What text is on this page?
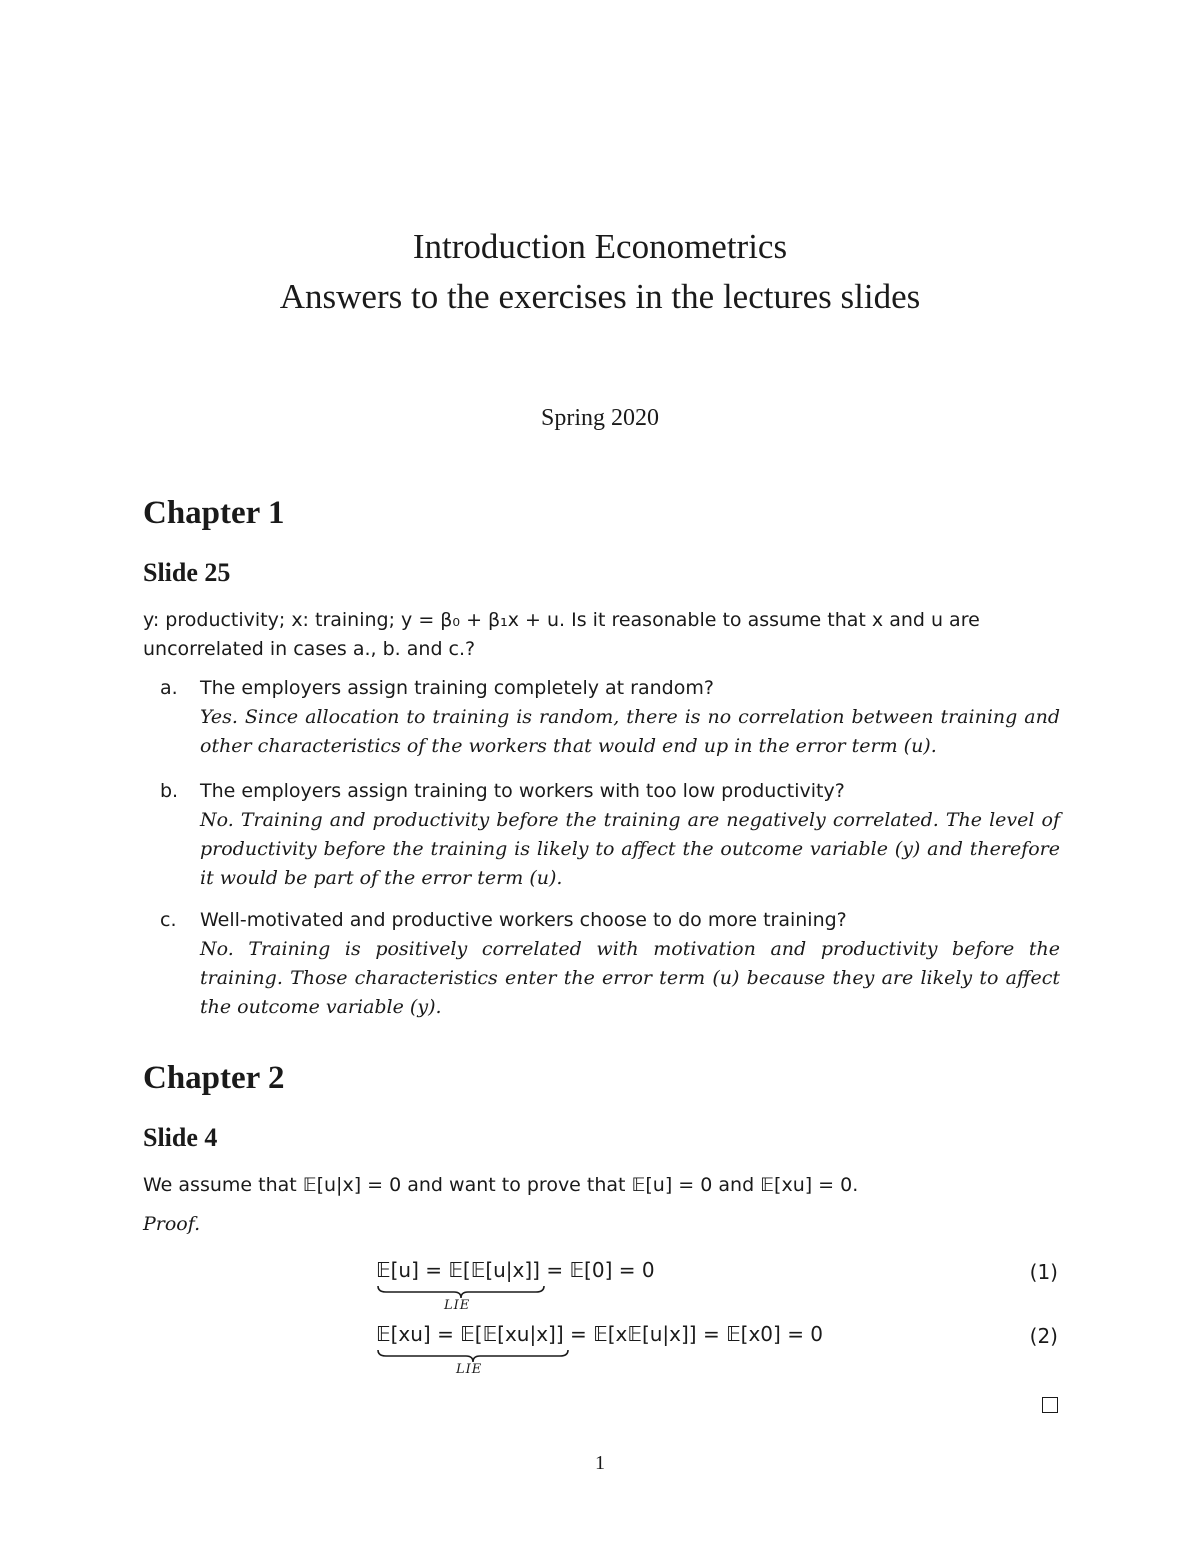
Introduction Econometrics
Answers to the exercises in the lectures slides
Spring 2020
Chapter 1
Slide 25
y: productivity; x: training; y = β₀ + β₁x + u. Is it reasonable to assume that x and u are
uncorrelated in cases a., b. and c.?
a.	The employers assign training completely at random?
Yes. Since allocation to training is random, there is no correlation between training and other characteristics of the workers that would end up in the error term (u).
b.	The employers assign training to workers with too low productivity?
No. Training and productivity before the training are negatively correlated. The level of productivity before the training is likely to affect the outcome variable (y) and therefore it would be part of the error term (u).
c.	Well-motivated and productive workers choose to do more training?
No. Training is positively correlated with motivation and productivity before the training. Those characteristics enter the error term (u) because they are likely to affect the outcome variable (y).
Chapter 2
Slide 4
We assume that 𝔼[u|x] = 0 and want to prove that 𝔼[u] = 0 and 𝔼[xu] = 0.
Proof.
𝔼[u] = 𝔼[𝔼[u|x]] = 𝔼[0] = 0	(1)
LIE
𝔼[xu] = 𝔼[𝔼[xu|x]] = 𝔼[x𝔼[u|x]] = 𝔼[x0] = 0	(2)
LIE
1
